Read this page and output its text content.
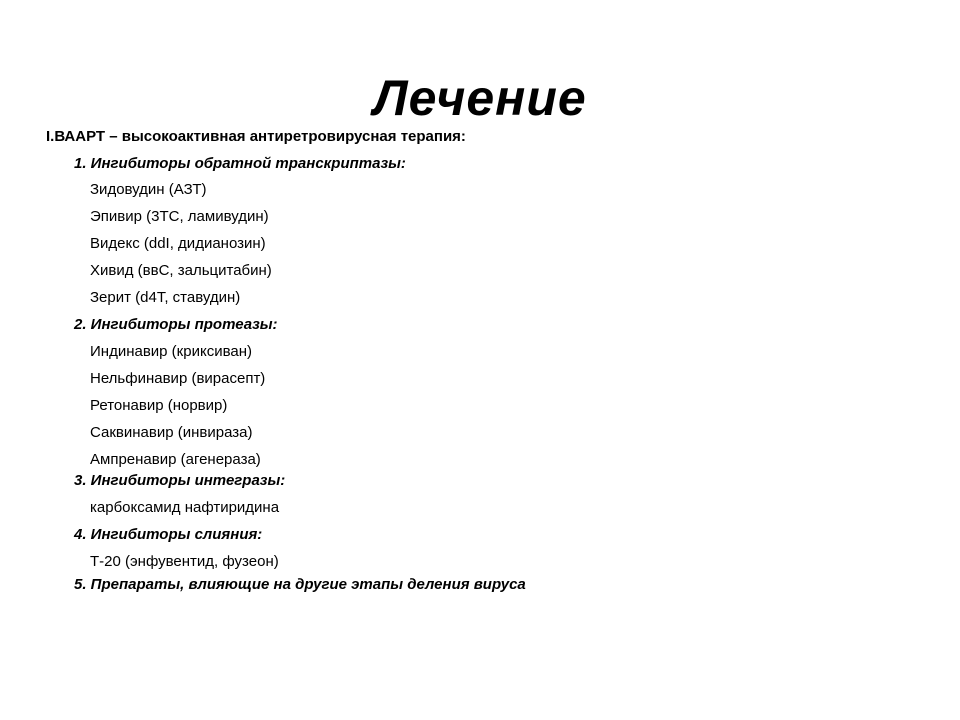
Лечение

I.ВААРТ – высокоактивная антиретровирусная терапия:

1. Ингибиторы обратной транскриптазы:

Зидовудин (АЗТ)

Эпивир (3ТС, ламивудин)

Видекс (ddI, дидианозин)

Хивид (ввС, зальцитабин)

Зерит (d4T, ставудин)

2. Ингибиторы протеазы:

Индинавир (криксиван)

Нельфинавир (вирасепт)

Ретонавир (норвир)

Саквинавир (инвираза)

Ампренавир (агенераза)

3. Ингибиторы интегразы:

карбоксамид нафтиридина

4. Ингибиторы слияния:

Т-20 (энфувентид, фузеон)

5. Препараты, влияющие на другие этапы деления вируса
